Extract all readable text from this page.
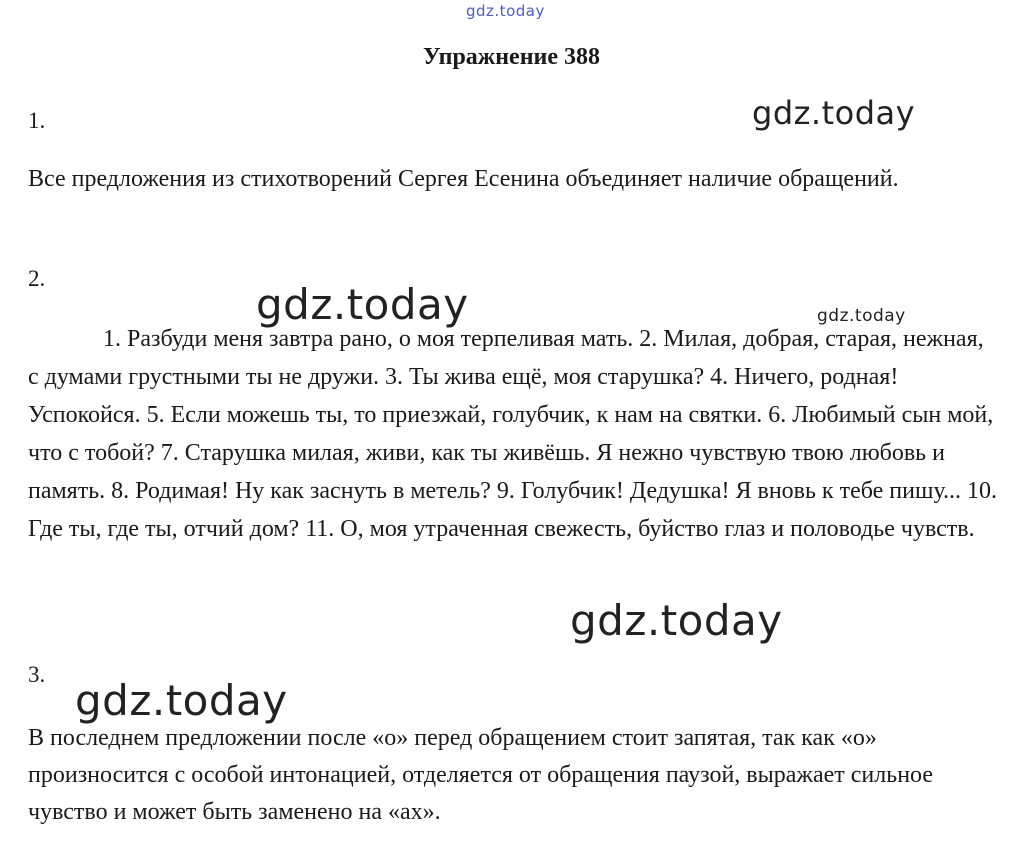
gdz.today
Упражнение 388
1.	gdz.today
Все предложения из стихотворений Сергея Есенина объединяет наличие обращений.
2.
gdz.today	gdz.today
1. Разбуди меня завтра рано, о моя терпеливая мать. 2. Милая, добрая, старая, нежная, с думами грустными ты не дружи. 3. Ты жива ещё, моя старушка? 4. Ничего, родная! Успокойся. 5. Если можешь ты, то приезжай, голубчик, к нам на святки. 6. Любимый сын мой, что с тобой? 7. Старушка милая, живи, как ты живёшь. Я нежно чувствую твою любовь и память. 8. Родимая! Ну как заснуть в метель? 9. Голубчик! Дедушка! Я вновь к тебе пишу... 10. Где ты, где ты, отчий дом? 11. О, моя утраченная свежесть, буйство глаз и половодье чувств.
gdz.today
3.
gdz.today
В последнем предложении после «о» перед обращением стоит запятая, так как «о» произносится с особой интонацией, отделяется от обращения паузой, выражает сильное чувство и может быть заменено на «ах».
